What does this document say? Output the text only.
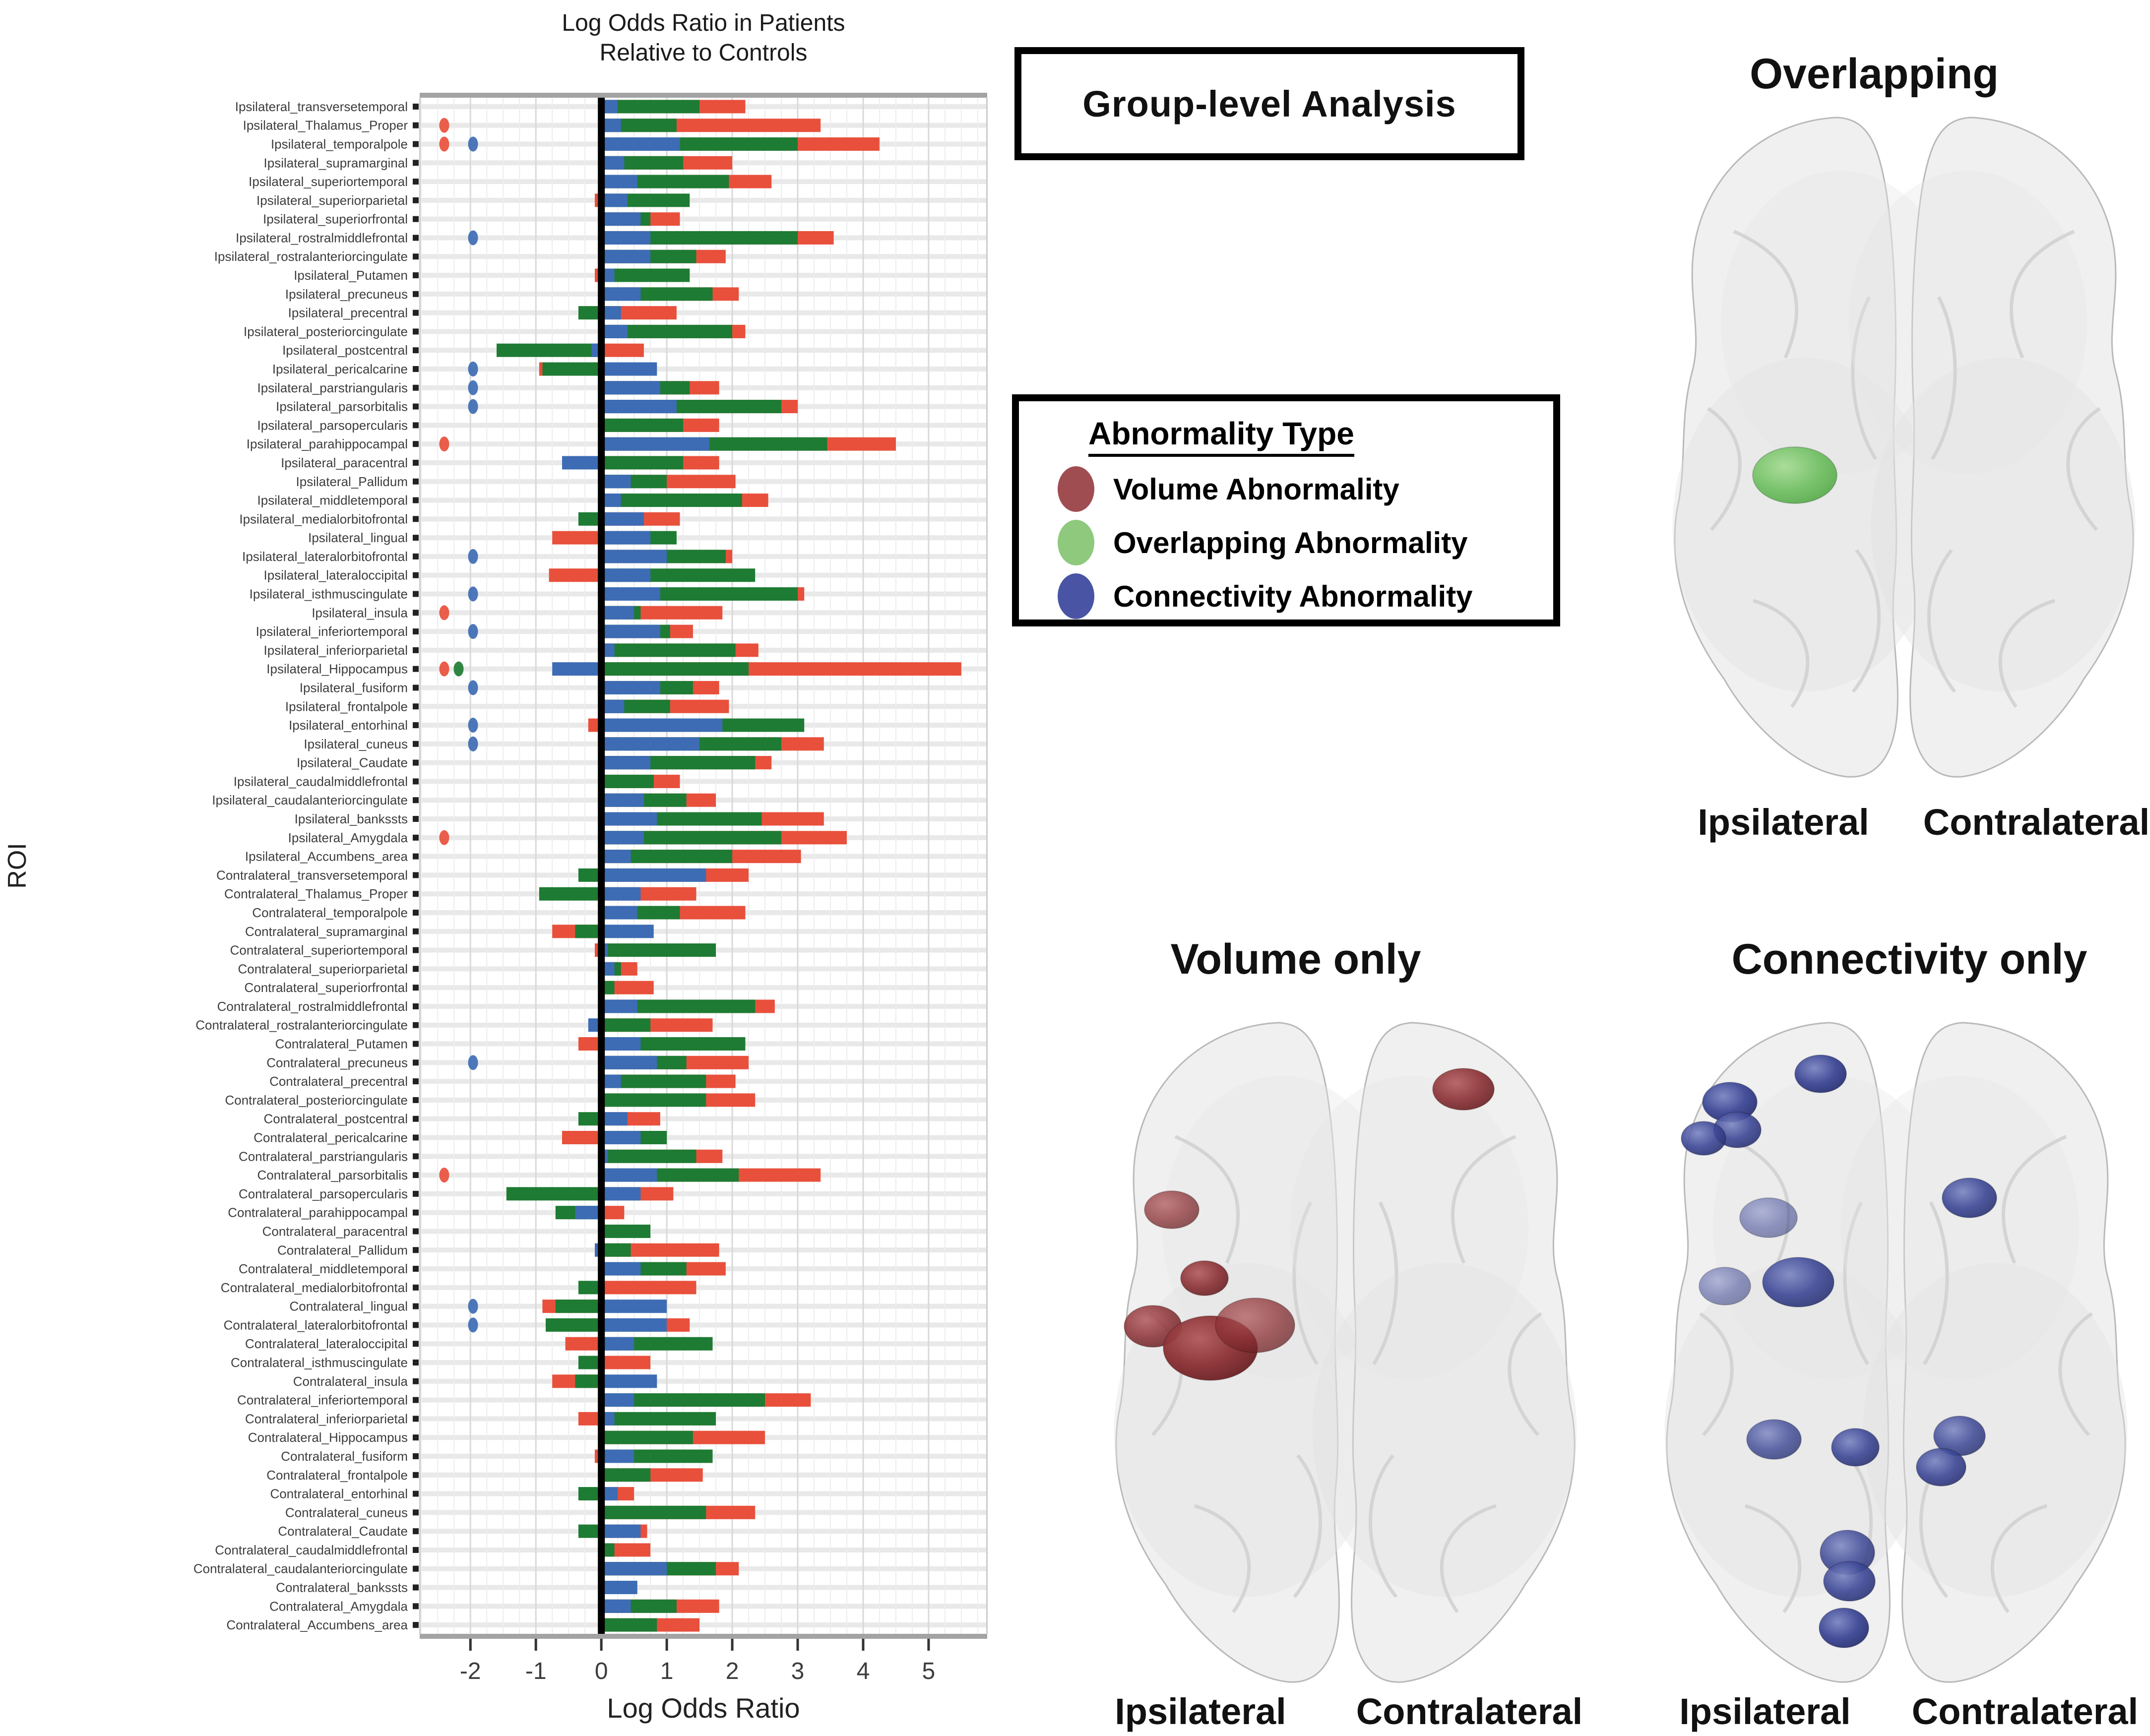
Ipsilateral_transversetemporal
Ipsilateral_Thalamus_Proper
Ipsilateral_temporalpole
Ipsilateral_supramarginal
Ipsilateral_superiortemporal
Ipsilateral_superiorparietal
Ipsilateral_superiorfrontal
Ipsilateral_rostralmiddlefrontal
Ipsilateral_rostralanteriorcingulate
Ipsilateral_Putamen
Ipsilateral_precuneus
Ipsilateral_precentral
Ipsilateral_posteriorcingulate
Ipsilateral_postcentral
Ipsilateral_pericalcarine
Ipsilateral_parstriangularis
Ipsilateral_parsorbitalis
Ipsilateral_parsopercularis
Ipsilateral_parahippocampal
Ipsilateral_paracentral
Ipsilateral_Pallidum
Ipsilateral_middletemporal
Ipsilateral_medialorbitofrontal
Ipsilateral_lingual
Ipsilateral_lateralorbitofrontal
Ipsilateral_lateraloccipital
Ipsilateral_isthmuscingulate
Ipsilateral_insula
Ipsilateral_inferiortemporal
Ipsilateral_inferiorparietal
Ipsilateral_Hippocampus
Ipsilateral_fusiform
Ipsilateral_frontalpole
Ipsilateral_entorhinal
Ipsilateral_cuneus
Ipsilateral_Caudate
Ipsilateral_caudalmiddlefrontal
Ipsilateral_caudalanteriorcingulate
Ipsilateral_bankssts
Ipsilateral_Amygdala
Ipsilateral_Accumbens_area
Contralateral_transversetemporal
Contralateral_Thalamus_Proper
Contralateral_temporalpole
Contralateral_supramarginal
Contralateral_superiortemporal
Contralateral_superiorparietal
Contralateral_superiorfrontal
Contralateral_rostralmiddlefrontal
Contralateral_rostralanteriorcingulate
Contralateral_Putamen
Contralateral_precuneus
Contralateral_precentral
Contralateral_posteriorcingulate
Contralateral_postcentral
Contralateral_pericalcarine
Contralateral_parstriangularis
Contralateral_parsorbitalis
Contralateral_parsopercularis
Contralateral_parahippocampal
Contralateral_paracentral
Contralateral_Pallidum
Contralateral_middletemporal
Contralateral_medialorbitofrontal
Contralateral_lingual
Contralateral_lateralorbitofrontal
Contralateral_lateraloccipital
Contralateral_isthmuscingulate
Contralateral_insula
Contralateral_inferiortemporal
Contralateral_inferiorparietal
Contralateral_Hippocampus
Contralateral_fusiform
Contralateral_frontalpole
Contralateral_entorhinal
Contralateral_cuneus
Contralateral_Caudate
Contralateral_caudalmiddlefrontal
Contralateral_caudalanteriorcingulate
Contralateral_bankssts
Contralateral_Amygdala
Contralateral_Accumbens_area
-2 -1 0 1 2 3 4 5
Log Odds Ratio
ROI
Log Odds Ratio in Patients
Relative to Controls
Group-level Analysis
Abnormality Type
Volume Abnormality
Overlapping Abnormality
Connectivity Abnormality
Overlapping
Ipsilateral Contralateral
Volume only
Ipsilateral Contralateral
Connectivity only
Ipsilateral Contralateral
